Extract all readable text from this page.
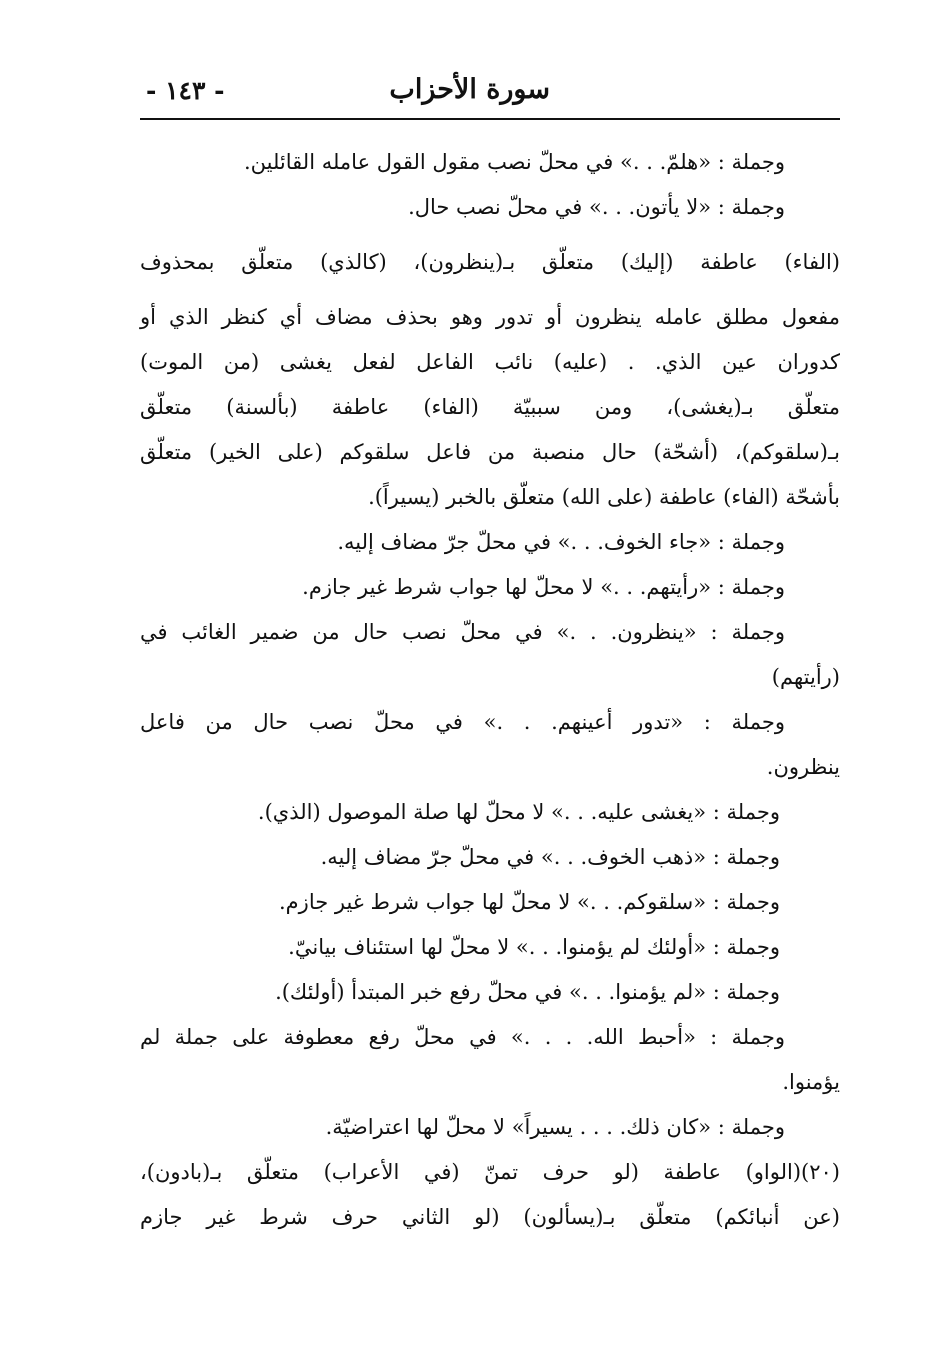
سورة الأحزاب
- ١٤٣ -
وجملة : «هلمّ. . .» في محلّ نصب مقول القول عامله القائلين.
وجملة : «لا يأتون. . .» في محلّ نصب حال.
(الفاء) عاطفة (إليك) متعلّق بـ(ينظرون)، (كالذي) متعلّق بمحذوف
مفعول مطلق عامله ينظرون أو تدور وهو بحذف مضاف أي كنظر الذي أو
كدوران عين الذي. . (عليه) نائب الفاعل لفعل يغشى (من الموت)
متعلّق بـ(يغشى)، ومن سببيّة (الفاء) عاطفة (بألسنة) متعلّق
بـ(سلقوكم)، (أشحّة) حال منصبة من فاعل سلقوكم (على الخير) متعلّق
بأشحّة (الفاء) عاطفة (على الله) متعلّق بالخبر (يسيراً).
وجملة : «جاء الخوف. . .» في محلّ جرّ مضاف إليه.
وجملة : «رأيتهم. . .» لا محلّ لها جواب شرط غير جازم.
وجملة : «ينظرون. . .» في محلّ نصب حال من ضمير الغائب في
(رأيتهم)
وجملة : «تدور أعينهم. . .» في محلّ نصب حال من فاعل
ينظرون.
وجملة : «يغشى عليه. . .» لا محلّ لها صلة الموصول (الذي).
وجملة : «ذهب الخوف. . .» في محلّ جرّ مضاف إليه.
وجملة : «سلقوكم. . .» لا محلّ لها جواب شرط غير جازم.
وجملة : «أولئك لم يؤمنوا. . .» لا محلّ لها استئناف بيانيّ.
وجملة : «لم يؤمنوا. . .» في محلّ رفع خبر المبتدأ (أولئك).
وجملة : «أحبط الله. . . .» في محلّ رفع معطوفة على جملة لم
يؤمنوا.
وجملة : «كان ذلك. . . . يسيراً» لا محلّ لها اعتراضيّة.
(٢٠)(الواو) عاطفة (لو حرف تمنّ (في الأعراب) متعلّق بـ(بادون)،
(عن أنبائكم) متعلّق بـ(يسألون) (لو الثاني حرف شرط غير جازم
